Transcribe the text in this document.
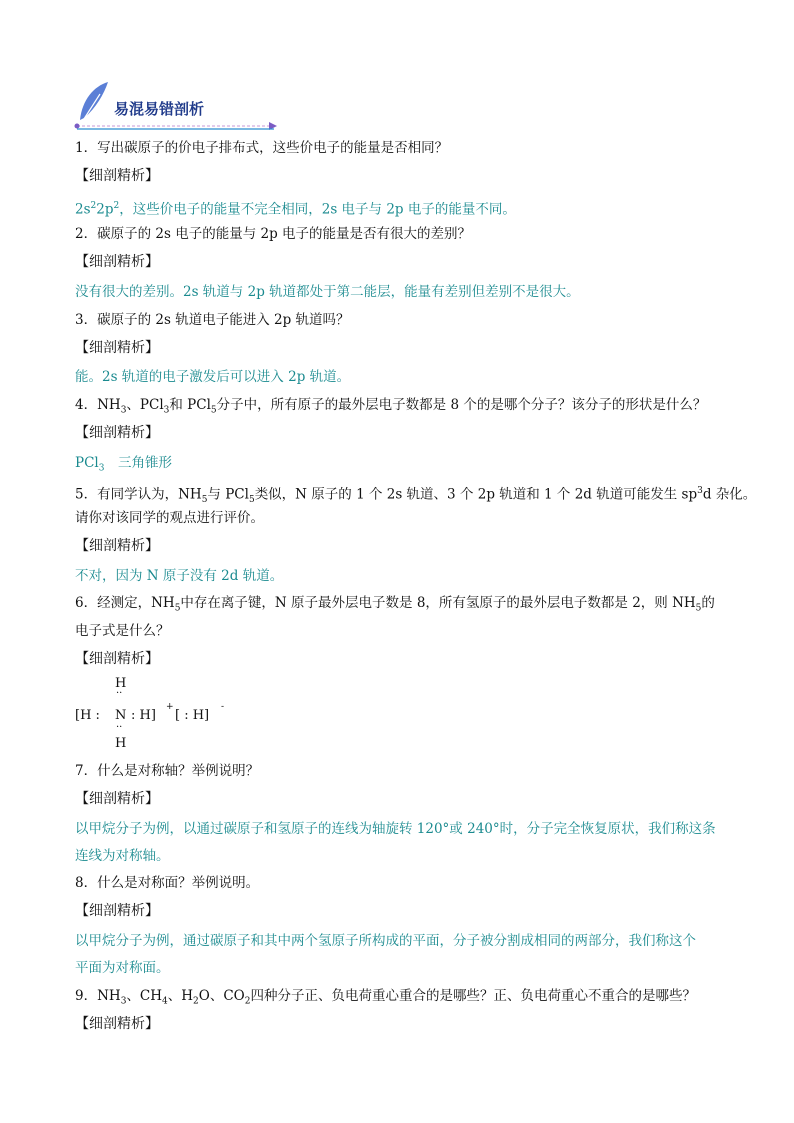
易混易错剖析
1．写出碳原子的价电子排布式，这些价电子的能量是否相同？
【细剖精析】
$2s^22p^2$，这些价电子的能量不完全相同，2s 电子与 2p 电子的能量不同。
2．碳原子的 2s 电子的能量与 2p 电子的能量是否有很大的差别？
【细剖精析】
没有很大的差别。2s 轨道与 2p 轨道都处于第二能层，能量有差别但差别不是很大。
3．碳原子的 2s 轨道电子能进入 2p 轨道吗？
【细剖精析】
能。2s 轨道的电子激发后可以进入 2p 轨道。
4．$NH_3$、PCl$_3$和 PCl$_5$分子中，所有原子的最外层电子数都是 8 个的是哪个分子？该分子的形状是什么？
【细剖精析】
PCl$_3$　三角锥形
5．有同学认为，$NH_5$与 PCl$_5$类似，N 原子的 1 个 2s 轨道、3 个 2p 轨道和 1 个 2d 轨道可能发生 $sp^3d$ 杂化。
请你对该同学的观点进行评价。
【细剖精析】
不对，因为 N 原子没有 2d 轨道。
6．经测定，$NH_5$中存在离子键，N 原子最外层电子数是 8，所有氢原子的最外层电子数都是 2，则 $NH_5$的
电子式是什么？
【细剖精析】
H
··
[H : N : H]
+
[ : H]
-
··
H
7．什么是对称轴？举例说明？
【细剖精析】
以甲烷分子为例，以通过碳原子和氢原子的连线为轴旋转 120°或 240°时，分子完全恢复原状，我们称这条
连线为对称轴。
8．什么是对称面？举例说明。
【细剖精析】
以甲烷分子为例，通过碳原子和其中两个氢原子所构成的平面，分子被分割成相同的两部分，我们称这个
平面为对称面。
9．$NH_3$、$CH_4$、$H_2O$、$CO_2$四种分子正、负电荷重心重合的是哪些？正、负电荷重心不重合的是哪些？
【细剖精析】
